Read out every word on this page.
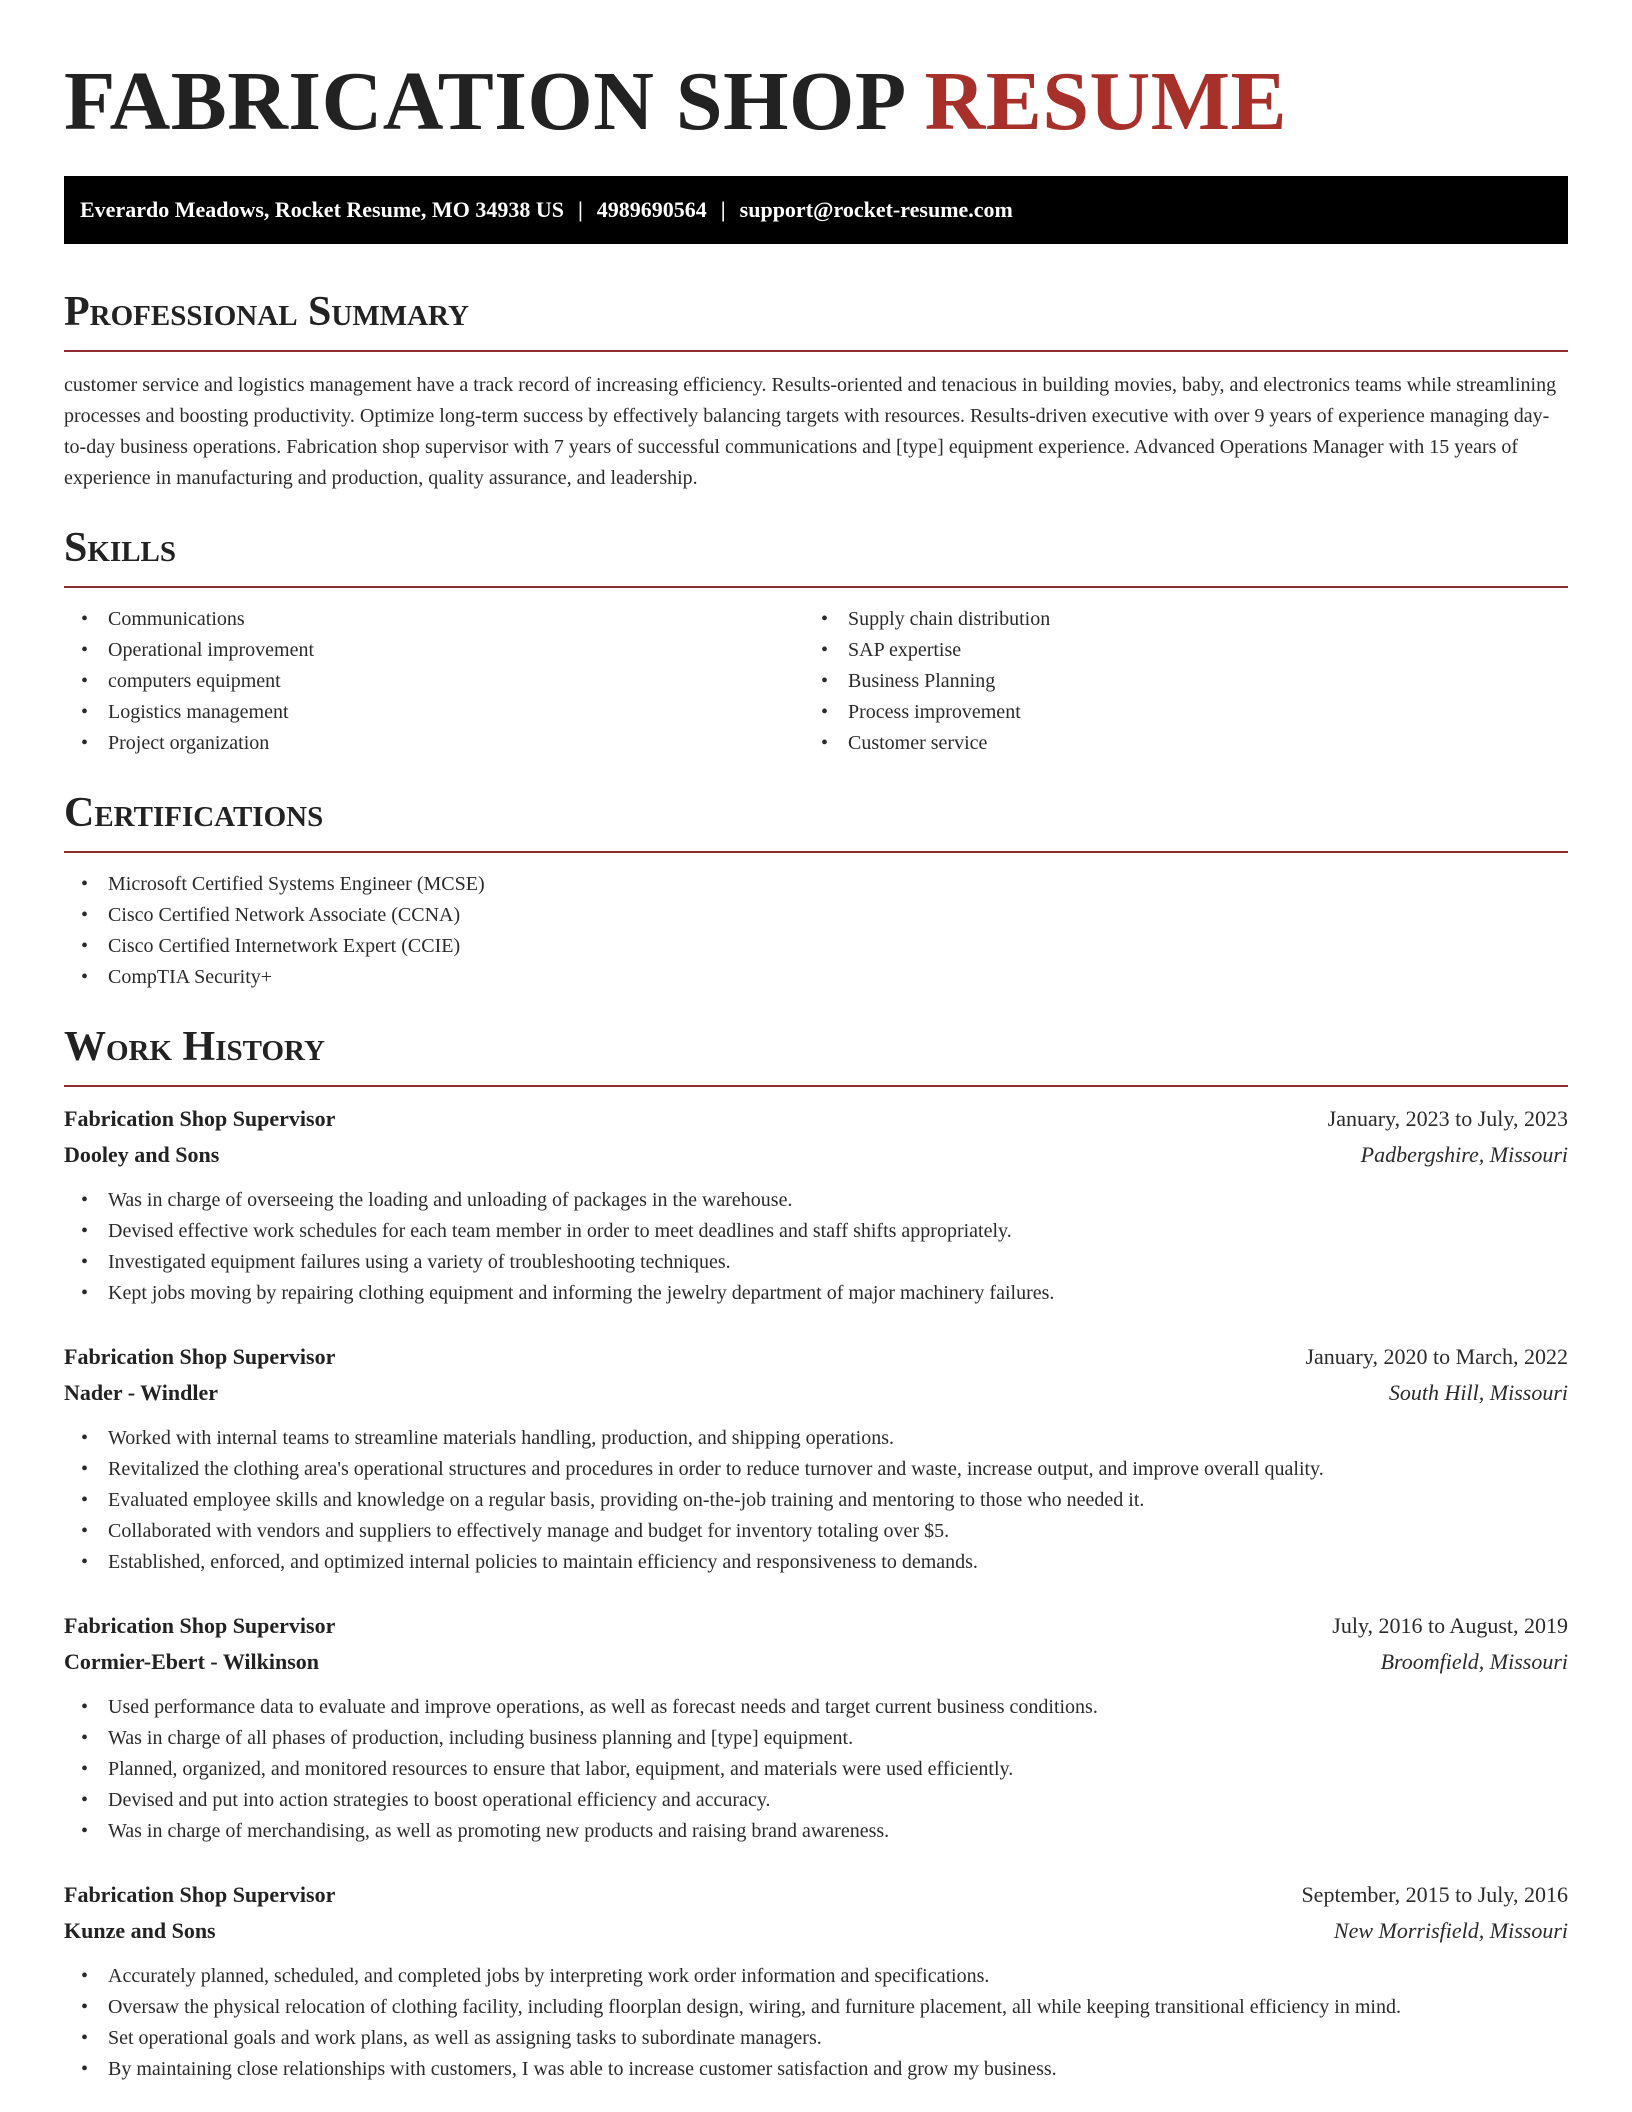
FABRICATION SHOP RESUME
Everardo Meadows, Rocket Resume, MO 34938 US | 4989690564 | support@rocket-resume.com
Professional Summary

customer service and logistics management have a track record of increasing efficiency. Results-oriented and tenacious in building movies, baby, and electronics teams while streamlining processes and boosting productivity. Optimize long-term success by effectively balancing targets with resources. Results-driven executive with over 9 years of experience managing day-to-day business operations. Fabrication shop supervisor with 7 years of successful communications and [type] equipment experience. Advanced Operations Manager with 15 years of experience in manufacturing and production, quality assurance, and leadership.

Skills
• Communications
• Operational improvement
• computers equipment
• Logistics management
• Project organization
• Supply chain distribution
• SAP expertise
• Business Planning
• Process improvement
• Customer service
Certifications
• Microsoft Certified Systems Engineer (MCSE)
• Cisco Certified Network Associate (CCNA)
• Cisco Certified Internetwork Expert (CCIE)
• CompTIA Security+
Work History
Fabrication Shop Supervisor	January, 2023 to July, 2023
Dooley and Sons	Padbergshire, Missouri
• Was in charge of overseeing the loading and unloading of packages in the warehouse.
• Devised effective work schedules for each team member in order to meet deadlines and staff shifts appropriately.
• Investigated equipment failures using a variety of troubleshooting techniques.
• Kept jobs moving by repairing clothing equipment and informing the jewelry department of major machinery failures.
Fabrication Shop Supervisor	January, 2020 to March, 2022
Nader - Windler	South Hill, Missouri
• Worked with internal teams to streamline materials handling, production, and shipping operations.
• Revitalized the clothing area's operational structures and procedures in order to reduce turnover and waste, increase output, and improve overall quality.
• Evaluated employee skills and knowledge on a regular basis, providing on-the-job training and mentoring to those who needed it.
• Collaborated with vendors and suppliers to effectively manage and budget for inventory totaling over $5.
• Established, enforced, and optimized internal policies to maintain efficiency and responsiveness to demands.
Fabrication Shop Supervisor	July, 2016 to August, 2019
Cormier-Ebert - Wilkinson	Broomfield, Missouri
• Used performance data to evaluate and improve operations, as well as forecast needs and target current business conditions.
• Was in charge of all phases of production, including business planning and [type] equipment.
• Planned, organized, and monitored resources to ensure that labor, equipment, and materials were used efficiently.
• Devised and put into action strategies to boost operational efficiency and accuracy.
• Was in charge of merchandising, as well as promoting new products and raising brand awareness.
Fabrication Shop Supervisor	September, 2015 to July, 2016
Kunze and Sons	New Morrisfield, Missouri
• Accurately planned, scheduled, and completed jobs by interpreting work order information and specifications.
• Oversaw the physical relocation of clothing facility, including floorplan design, wiring, and furniture placement, all while keeping transitional efficiency in mind.
• Set operational goals and work plans, as well as assigning tasks to subordinate managers.
• By maintaining close relationships with customers, I was able to increase customer satisfaction and grow my business.
